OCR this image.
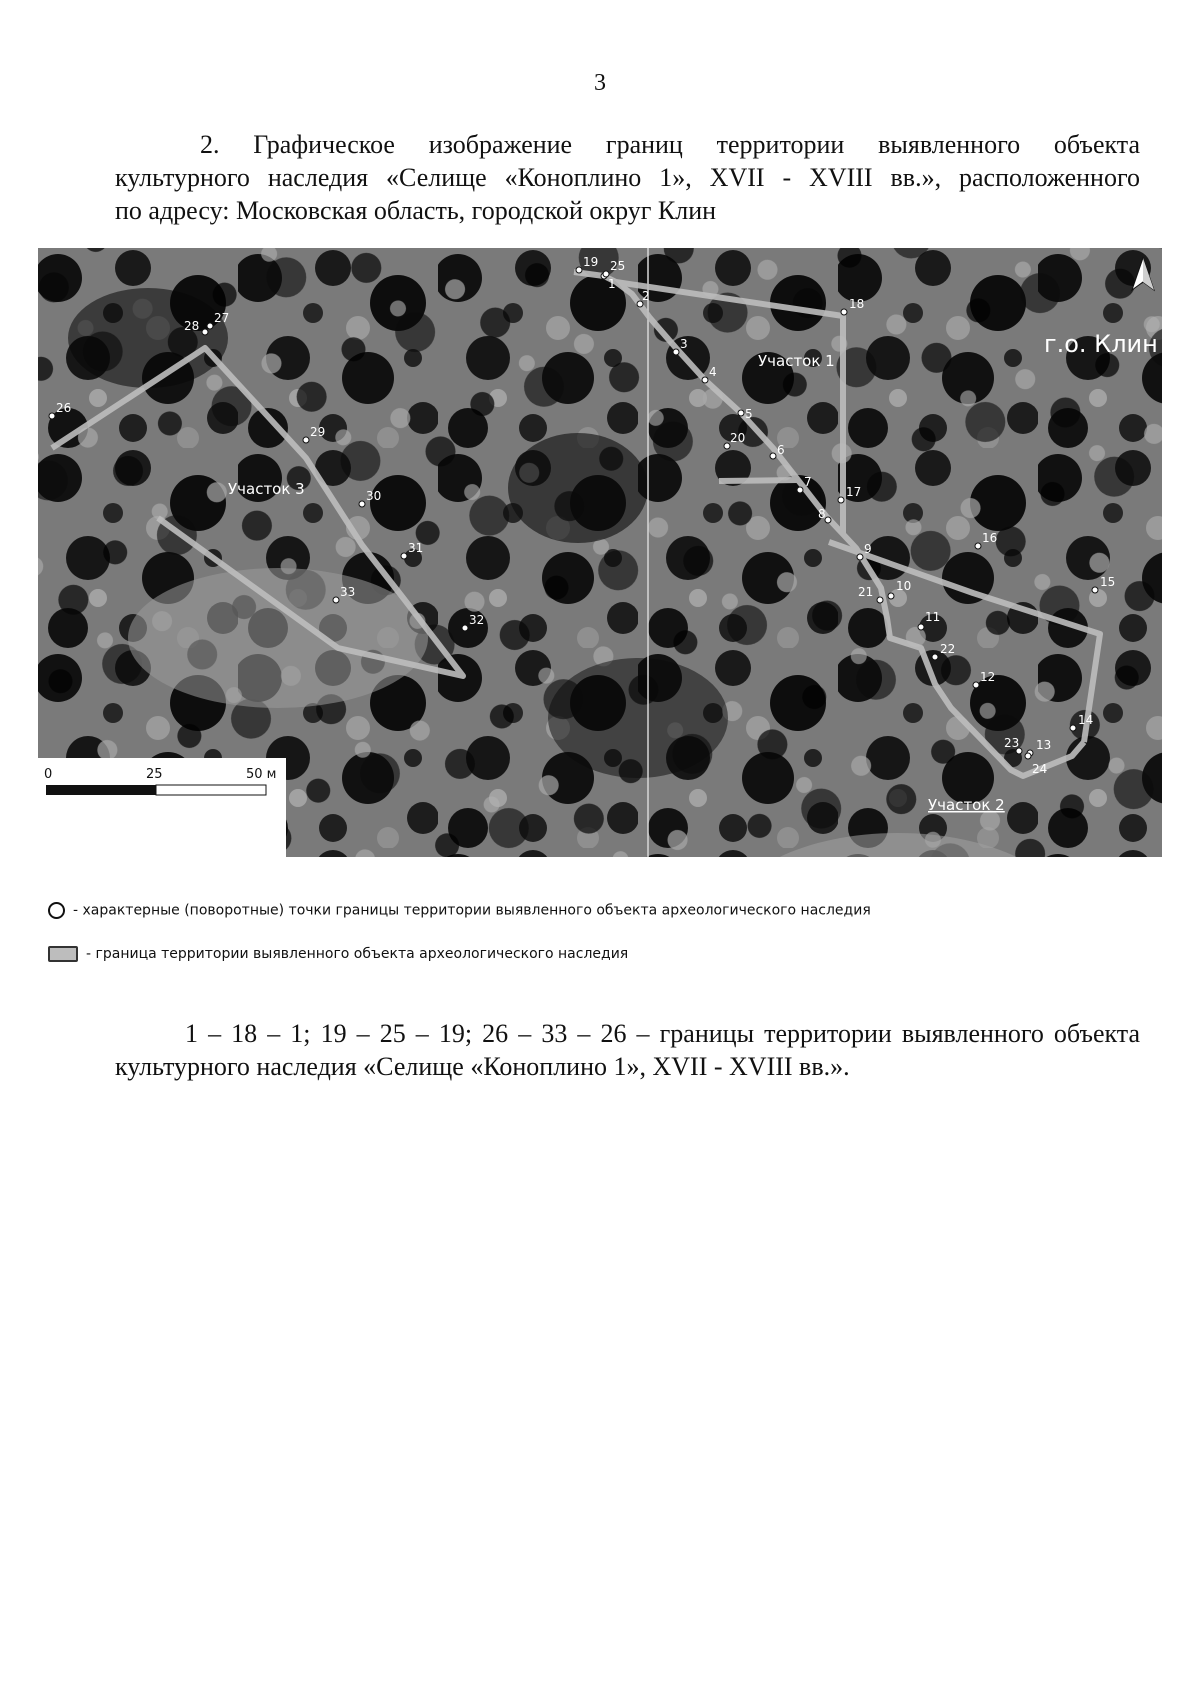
3
2. Графическое изображение границ территории выявленного объекта
культурного наследия «Селище «Коноплино 1», XVII - XVIII вв.», расположенного
по адресу: Московская область, городской округ Клин
1
2
3
4
5
6
7
8
9
10
11
12
13
14
15
16
17
18
19
20
21
22
23
24
25
26
27
28
29
30
31
32
33
Участок 1
Участок 2
Участок 3
г.о. Клин
0	25	50 м
- характерные (поворотные) точки границы территории выявленного объекта археологического наследия
- граница территории выявленного объекта археологического наследия
1 – 18 – 1; 19 – 25 – 19; 26 – 33 – 26 – границы территории выявленного объекта
культурного наследия «Селище «Коноплино 1», XVII - XVIII вв.».
